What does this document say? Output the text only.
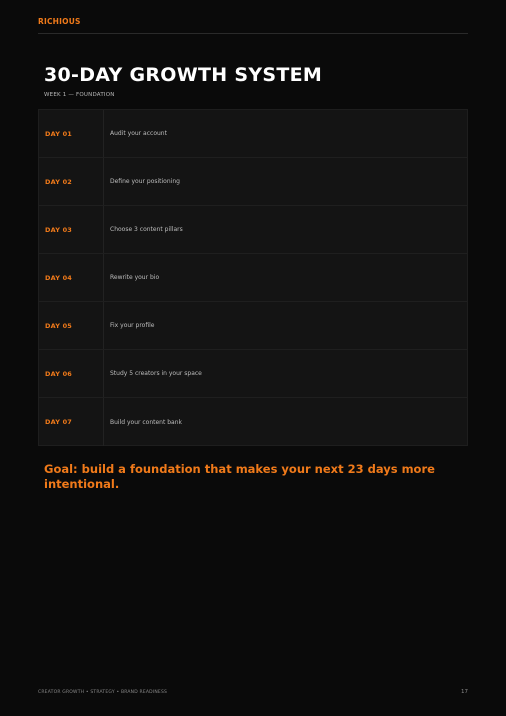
RICHIOUS
30-DAY GROWTH SYSTEM
WEEK 1 — FOUNDATION
DAY 01	Audit your account
DAY 02	Define your positioning
DAY 03	Choose 3 content pillars
DAY 04	Rewrite your bio
DAY 05	Fix your profile
DAY 06	Study 5 creators in your space
DAY 07	Build your content bank

Goal: build a foundation that makes your next 23 days more intentional.

CREATOR GROWTH • STRATEGY • BRAND READINESS	17
